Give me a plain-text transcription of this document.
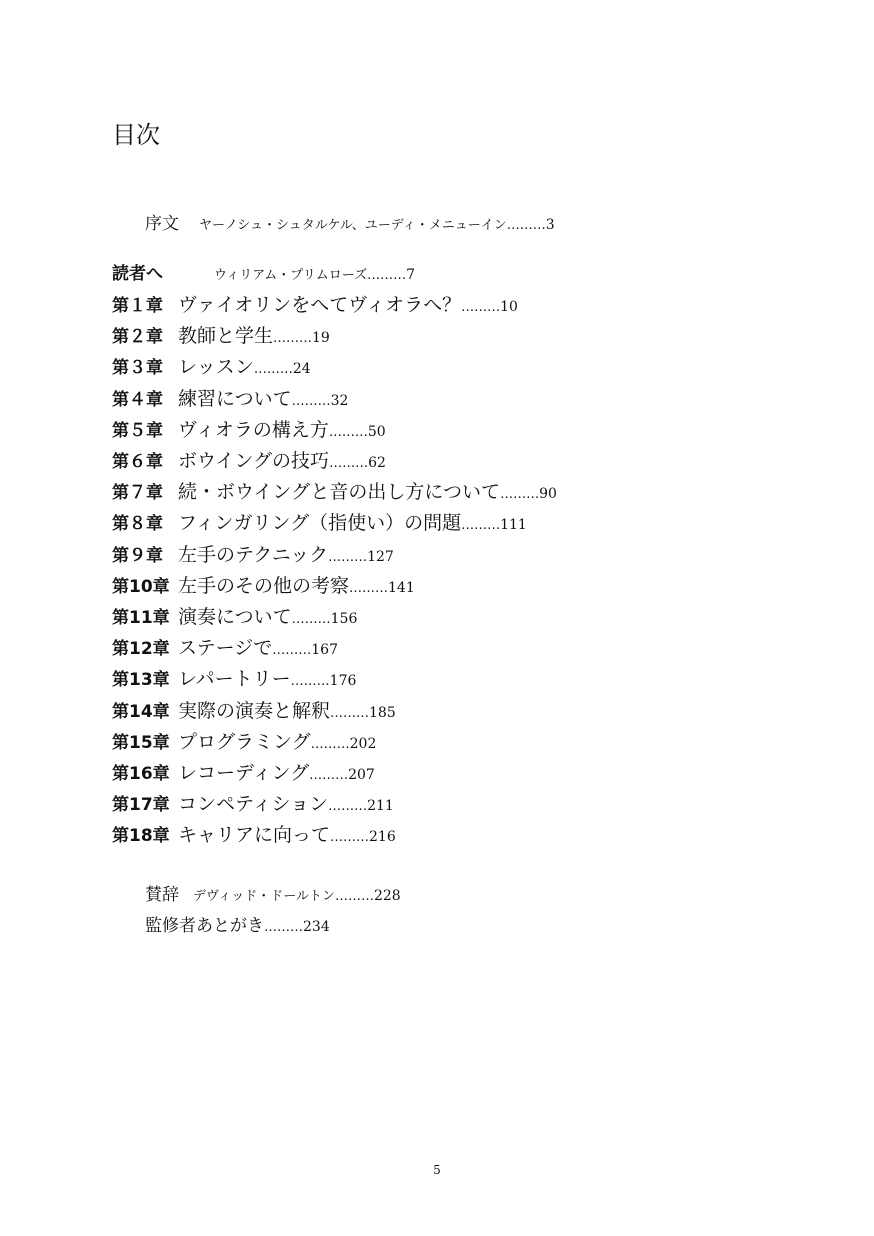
目次
序文 ヤーノシュ・シュタルケル、ユーディ・メニューイン………3
読者へ	ウィリアム・プリムローズ………7
第１章 ヴァイオリンをへてヴィオラへ？………10
第２章 教師と学生………19
第３章 レッスン………24
第４章 練習について………32
第５章 ヴィオラの構え方………50
第６章 ボウイングの技巧………62
第７章 続・ボウイングと音の出し方について………90
第８章 フィンガリング（指使い）の問題………111
第９章 左手のテクニック………127
第10章 左手のその他の考察………141
第11章 演奏について………156
第12章 ステージで………167
第13章 レパートリー………176
第14章 実際の演奏と解釈………185
第15章 プログラミング………202
第16章 レコーディング………207
第17章 コンペティション………211
第18章 キャリアに向って………216
賛辞 デヴィッド・ドールトン………228
監修者あとがき………234
5
